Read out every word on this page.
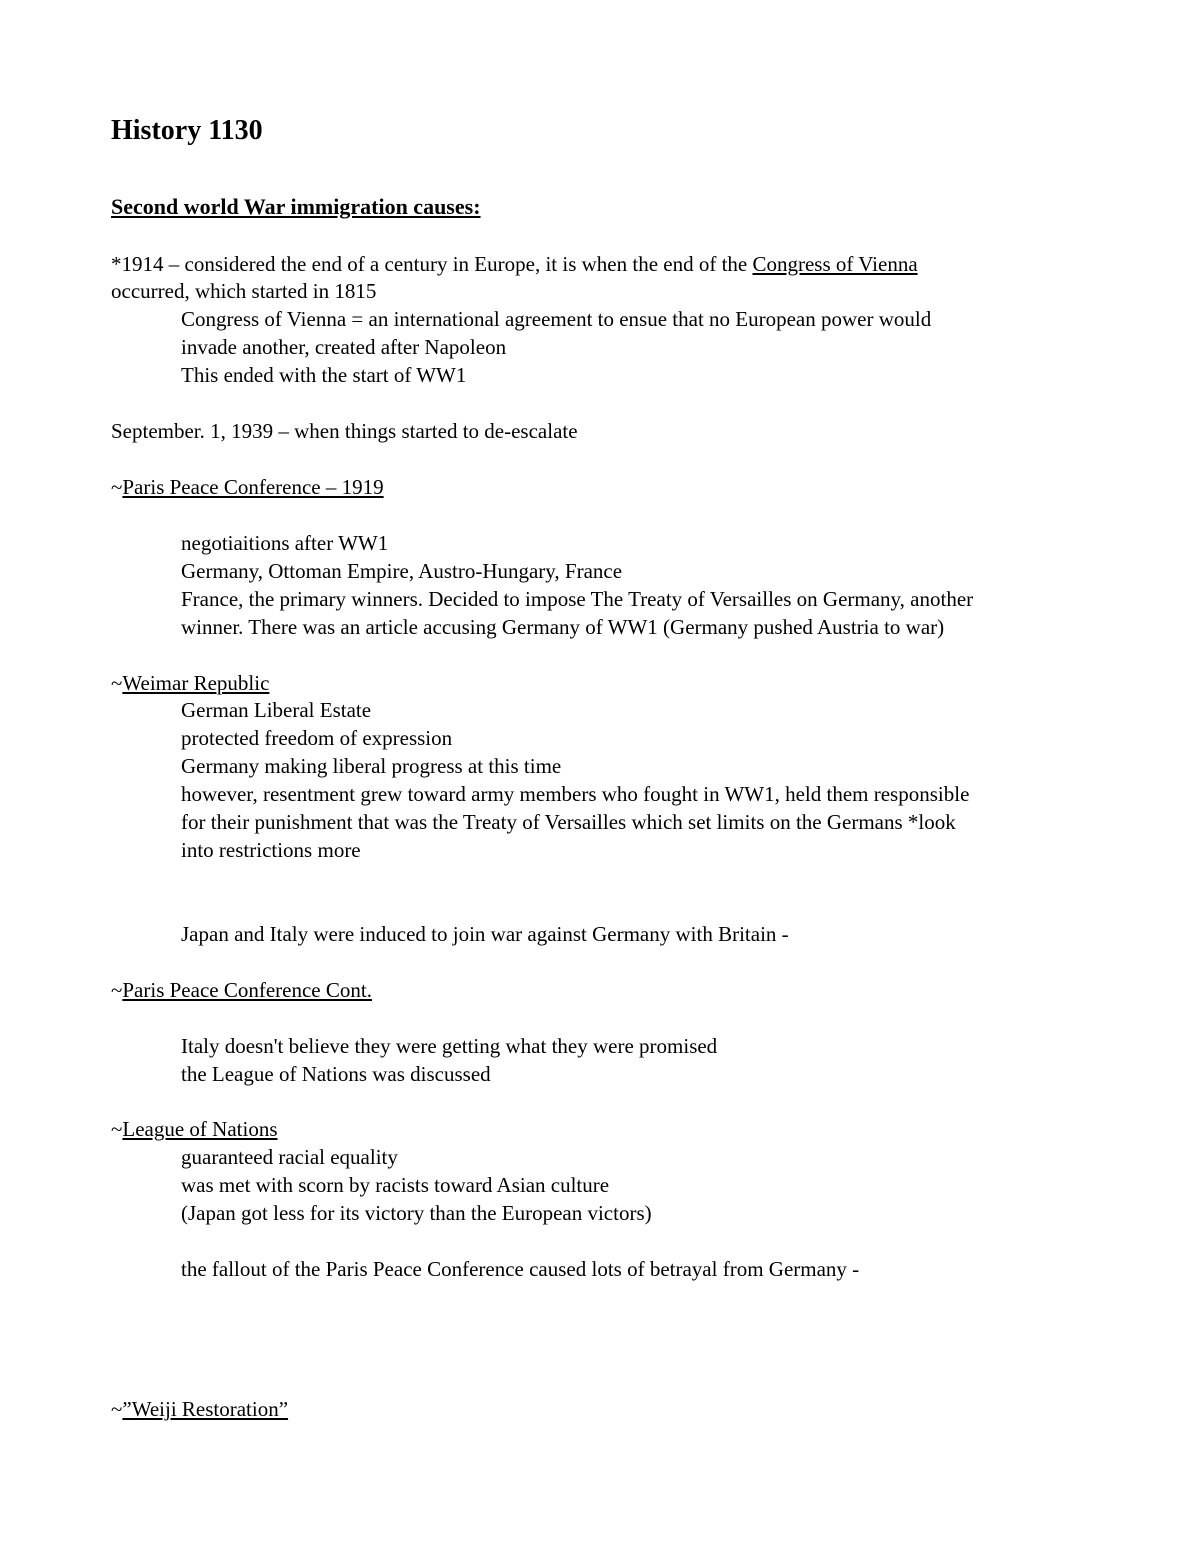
History 1130
Second world War immigration causes:

*1914 – considered the end of a century in Europe, it is when the end of the Congress of Vienna

occurred, which started in 1815

Congress of Vienna = an international agreement to ensue that no European power would

invade another, created after Napoleon

This ended with the start of WW1

September. 1, 1939 – when things started to de-escalate

~Paris Peace Conference – 1919

negotiaitions after WW1

Germany, Ottoman Empire, Austro-Hungary, France

France, the primary winners. Decided to impose The Treaty of Versailles on Germany, another

winner. There was an article accusing Germany of WW1 (Germany pushed Austria to war)

~Weimar Republic

German Liberal Estate

protected freedom of expression

Germany making liberal progress at this time

however, resentment grew toward army members who fought in WW1, held them responsible

for their punishment that was the Treaty of Versailles which set limits on the Germans *look

into restrictions more

Japan and Italy were induced to join war against Germany with Britain -

~Paris Peace Conference Cont.

Italy doesn't believe they were getting what they were promised

the League of Nations was discussed

~League of Nations

guaranteed racial equality

was met with scorn by racists toward Asian culture

(Japan got less for its victory than the European victors)

the fallout of the Paris Peace Conference caused lots of betrayal from Germany -

~”Weiji Restoration”
